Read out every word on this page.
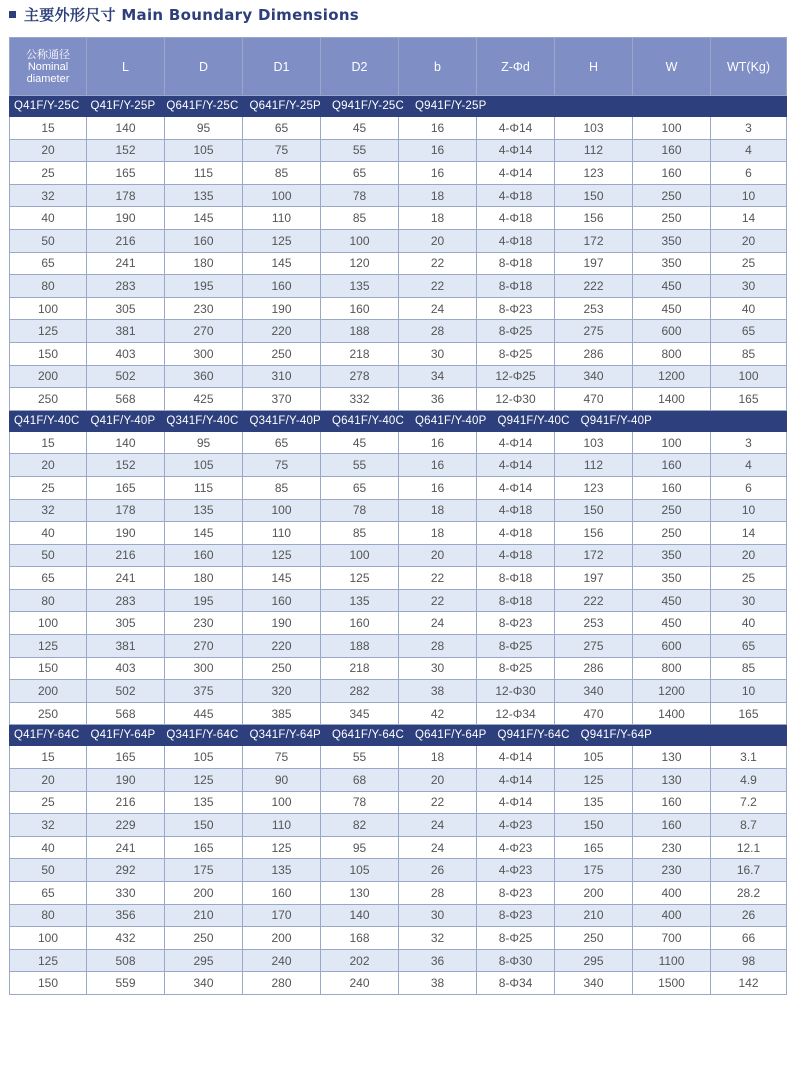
主要外形尺寸 Main Boundary Dimensions
公称通径 Nominal diameter	L	D	D1	D2	b	Z-Φd	H	W	WT(Kg)
Q41F/Y-25C Q41F/Y-25P Q641F/Y-25C Q641F/Y-25P Q941F/Y-25C Q941F/Y-25P									
15	140	95	65	45	16	4-Φ14	103	100	3
20	152	105	75	55	16	4-Φ14	112	160	4
25	165	115	85	65	16	4-Φ14	123	160	6
32	178	135	100	78	18	4-Φ18	150	250	10
40	190	145	110	85	18	4-Φ18	156	250	14
50	216	160	125	100	20	4-Φ18	172	350	20
65	241	180	145	120	22	8-Φ18	197	350	25
80	283	195	160	135	22	8-Φ18	222	450	30
100	305	230	190	160	24	8-Φ23	253	450	40
125	381	270	220	188	28	8-Φ25	275	600	65
150	403	300	250	218	30	8-Φ25	286	800	85
200	502	360	310	278	34	12-Φ25	340	1200	100
250	568	425	370	332	36	12-Φ30	470	1400	165
Q41F/Y-40C Q41F/Y-40P Q341F/Y-40C Q341F/Y-40P Q641F/Y-40C Q641F/Y-40P Q941F/Y-40C Q941F/Y-40P									
15	140	95	65	45	16	4-Φ14	103	100	3
20	152	105	75	55	16	4-Φ14	112	160	4
25	165	115	85	65	16	4-Φ14	123	160	6
32	178	135	100	78	18	4-Φ18	150	250	10
40	190	145	110	85	18	4-Φ18	156	250	14
50	216	160	125	100	20	4-Φ18	172	350	20
65	241	180	145	125	22	8-Φ18	197	350	25
80	283	195	160	135	22	8-Φ18	222	450	30
100	305	230	190	160	24	8-Φ23	253	450	40
125	381	270	220	188	28	8-Φ25	275	600	65
150	403	300	250	218	30	8-Φ25	286	800	85
200	502	375	320	282	38	12-Φ30	340	1200	10
250	568	445	385	345	42	12-Φ34	470	1400	165
Q41F/Y-64C Q41F/Y-64P Q341F/Y-64C Q341F/Y-64P Q641F/Y-64C Q641F/Y-64P Q941F/Y-64C Q941F/Y-64P									
15	165	105	75	55	18	4-Φ14	105	130	3.1
20	190	125	90	68	20	4-Φ14	125	130	4.9
25	216	135	100	78	22	4-Φ14	135	160	7.2
32	229	150	110	82	24	4-Φ23	150	160	8.7
40	241	165	125	95	24	4-Φ23	165	230	12.1
50	292	175	135	105	26	4-Φ23	175	230	16.7
65	330	200	160	130	28	8-Φ23	200	400	28.2
80	356	210	170	140	30	8-Φ23	210	400	26
100	432	250	200	168	32	8-Φ25	250	700	66
125	508	295	240	202	36	8-Φ30	295	1100	98
150	559	340	280	240	38	8-Φ34	340	1500	142
